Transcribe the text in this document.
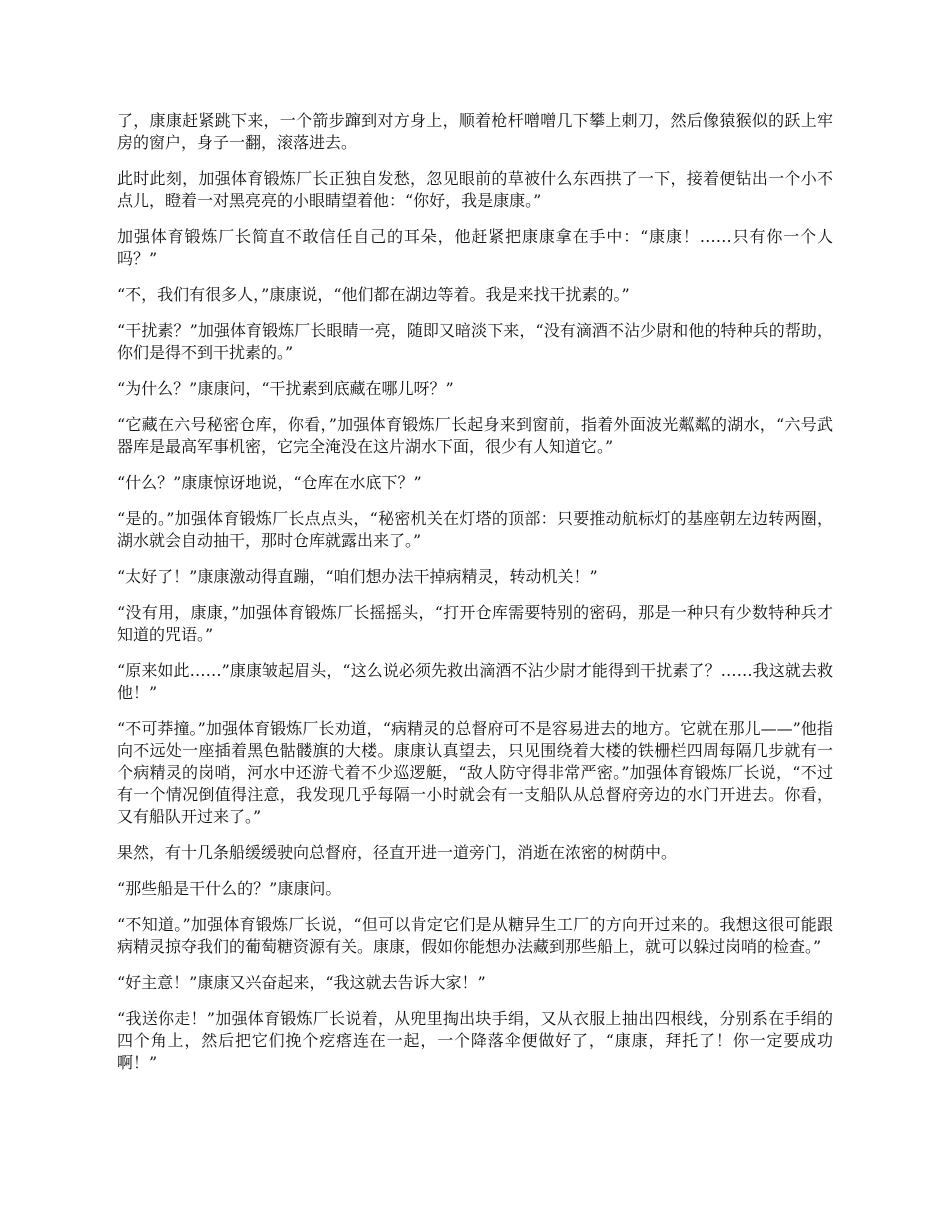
了，康康赶紧跳下来，一个箭步蹿到对方身上，顺着枪杆噌噌几下攀上刺刀，然后像猿猴似的跃上牢房的窗户，身子一翻，滚落进去。

此时此刻，加强体育锻炼厂长正独自发愁，忽见眼前的草被什么东西拱了一下，接着便钻出一个小不点儿，瞪着一对黑亮亮的小眼睛望着他：“你好，我是康康。”

加强体育锻炼厂长简直不敢信任自己的耳朵，他赶紧把康康拿在手中：“康康！……只有你一个人吗？”

“不，我们有很多人，”康康说，“他们都在湖边等着。我是来找干扰素的。”

“干扰素？”加强体育锻炼厂长眼睛一亮，随即又暗淡下来，“没有滴酒不沾少尉和他的特种兵的帮助，你们是得不到干扰素的。”

“为什么？”康康问，“干扰素到底藏在哪儿呀？”

“它藏在六号秘密仓库，你看，”加强体育锻炼厂长起身来到窗前，指着外面波光粼粼的湖水，“六号武器库是最高军事机密，它完全淹没在这片湖水下面，很少有人知道它。”

“什么？”康康惊讶地说，“仓库在水底下？”

“是的。”加强体育锻炼厂长点点头，“秘密机关在灯塔的顶部：只要推动航标灯的基座朝左边转两圈，湖水就会自动抽干，那时仓库就露出来了。”

“太好了！”康康激动得直蹦，“咱们想办法干掉病精灵，转动机关！”

“没有用，康康，”加强体育锻炼厂长摇摇头，“打开仓库需要特别的密码，那是一种只有少数特种兵才知道的咒语。”

“原来如此……”康康皱起眉头，“这么说必须先救出滴酒不沾少尉才能得到干扰素了？……我这就去救他！”

“不可莽撞。”加强体育锻炼厂长劝道，“病精灵的总督府可不是容易进去的地方。它就在那儿——”他指向不远处一座插着黑色骷髅旗的大楼。康康认真望去，只见围绕着大楼的铁栅栏四周每隔几步就有一个病精灵的岗哨，河水中还游弋着不少巡逻艇，“敌人防守得非常严密。”加强体育锻炼厂长说，“不过有一个情况倒值得注意，我发现几乎每隔一小时就会有一支船队从总督府旁边的水门开进去。你看，又有船队开过来了。”

果然，有十几条船缓缓驶向总督府，径直开进一道旁门，消逝在浓密的树荫中。

“那些船是干什么的？”康康问。

“不知道。”加强体育锻炼厂长说，“但可以肯定它们是从糖异生工厂的方向开过来的。我想这很可能跟病精灵掠夺我们的葡萄糖资源有关。康康，假如你能想办法藏到那些船上，就可以躲过岗哨的检查。”

“好主意！”康康又兴奋起来，“我这就去告诉大家！”

“我送你走！”加强体育锻炼厂长说着，从兜里掏出块手绢，又从衣服上抽出四根线，分别系在手绢的四个角上，然后把它们挽个疙瘩连在一起，一个降落伞便做好了，“康康，拜托了！你一定要成功啊！”
